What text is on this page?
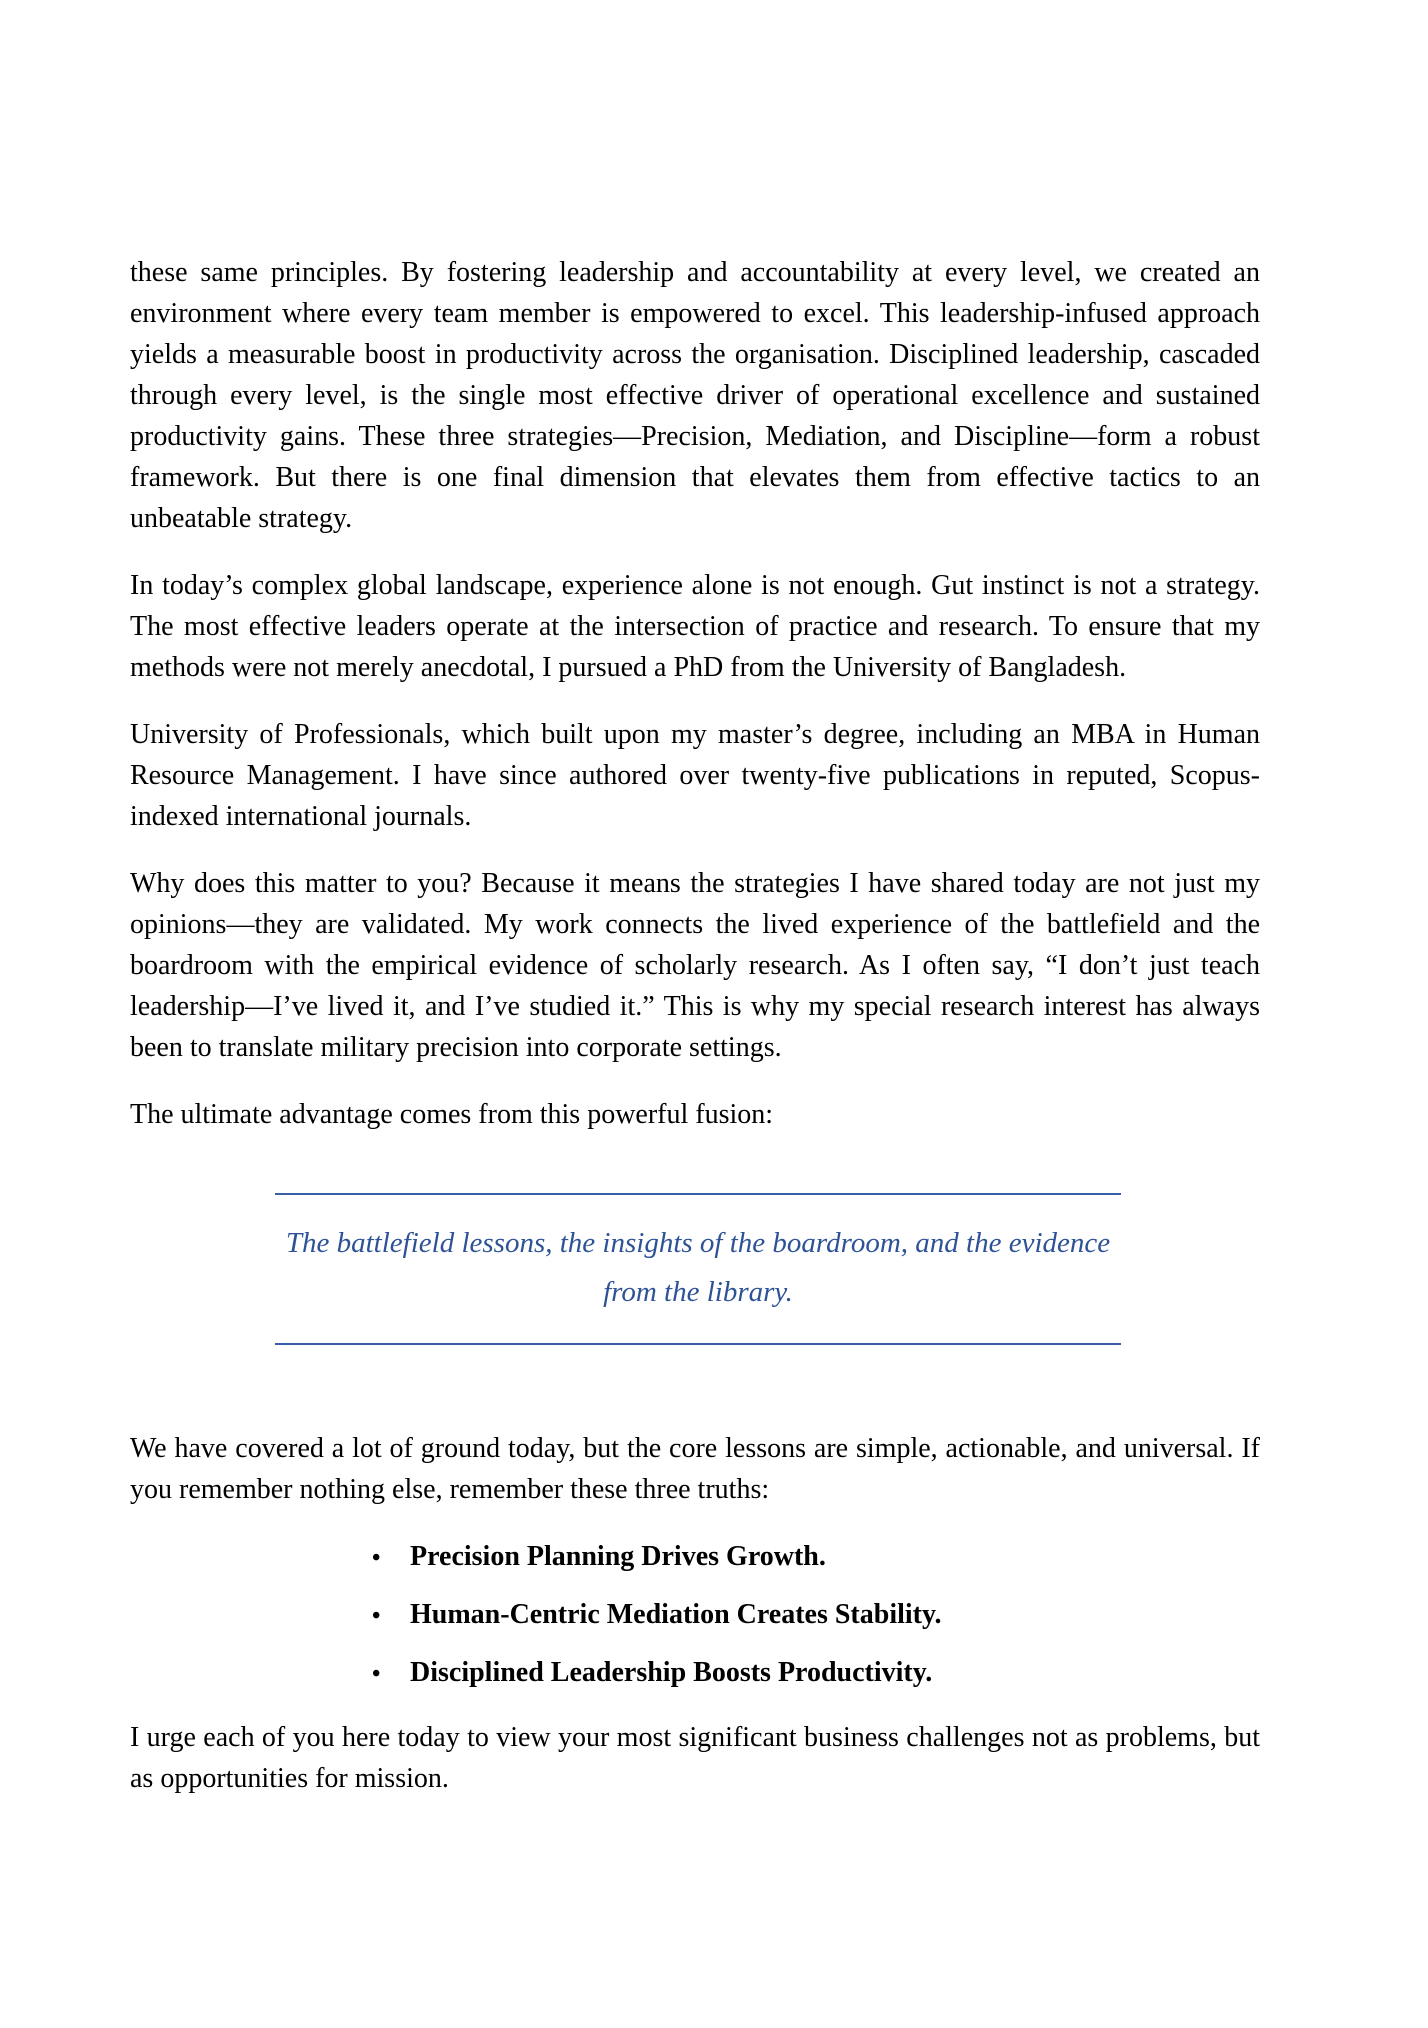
these same principles. By fostering leadership and accountability at every level, we created an environment where every team member is empowered to excel. This leadership-infused approach yields a measurable boost in productivity across the organisation. Disciplined leadership, cascaded through every level, is the single most effective driver of operational excellence and sustained productivity gains. These three strategies—Precision, Mediation, and Discipline—form a robust framework. But there is one final dimension that elevates them from effective tactics to an unbeatable strategy.

In today’s complex global landscape, experience alone is not enough. Gut instinct is not a strategy. The most effective leaders operate at the intersection of practice and research. To ensure that my methods were not merely anecdotal, I pursued a PhD from the University of Bangladesh.

University of Professionals, which built upon my master’s degree, including an MBA in Human Resource Management. I have since authored over twenty-five publications in reputed, Scopus-indexed international journals.

Why does this matter to you? Because it means the strategies I have shared today are not just my opinions—they are validated. My work connects the lived experience of the battlefield and the boardroom with the empirical evidence of scholarly research. As I often say, “I don’t just teach leadership—I’ve lived it, and I’ve studied it.” This is why my special research interest has always been to translate military precision into corporate settings.

The ultimate advantage comes from this powerful fusion:

The battlefield lessons, the insights of the boardroom, and the evidence from the library.

We have covered a lot of ground today, but the core lessons are simple, actionable, and universal. If you remember nothing else, remember these three truths:

•	Precision Planning Drives Growth.
•	Human-Centric Mediation Creates Stability.
•	Disciplined Leadership Boosts Productivity.

I urge each of you here today to view your most significant business challenges not as problems, but as opportunities for mission.
